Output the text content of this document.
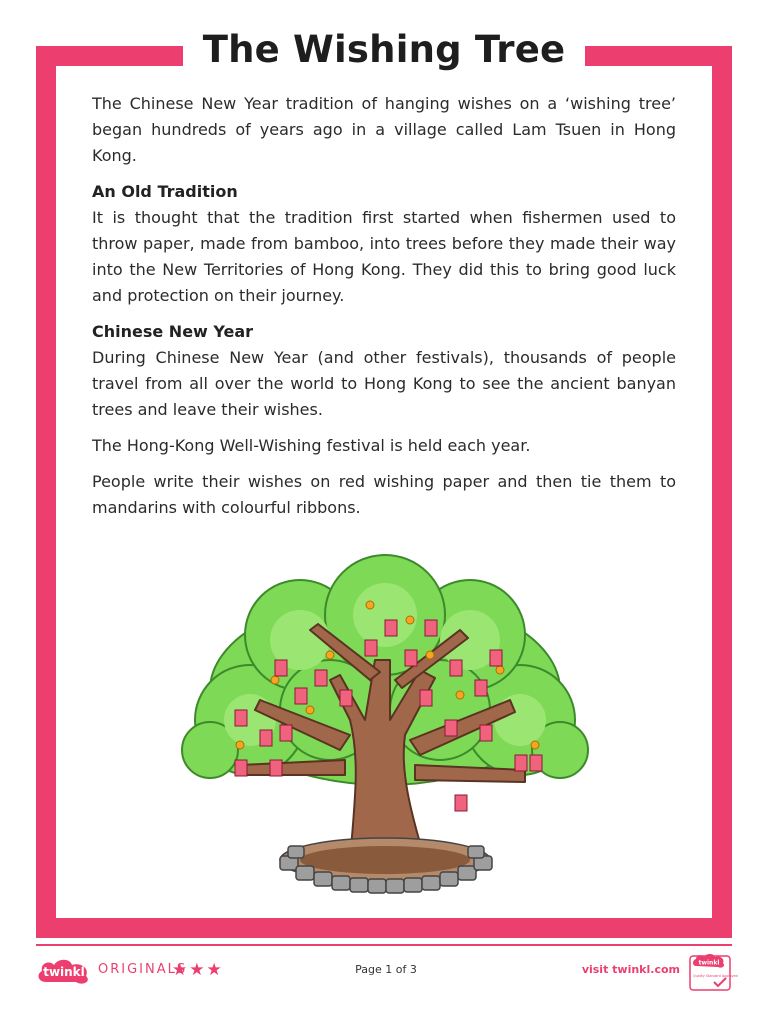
The Wishing Tree

The Chinese New Year tradition of hanging wishes on a ‘wishing tree’ began hundreds of years ago in a village called Lam Tsuen in Hong Kong.

An Old Tradition

It is thought that the tradition first started when fishermen used to throw paper, made from bamboo, into trees before they made their way into the New Territories of Hong Kong. They did this to bring good luck and protection on their journey.

Chinese New Year

During Chinese New Year (and other festivals), thousands of people travel from all over the world to Hong Kong to see the ancient banyan trees and leave their wishes.

The Hong-Kong Well-Wishing festival is held each year.

People write their wishes on red wishing paper and then tie them to mandarins with colourful ribbons.

twinkl ORIGINALS
★★★	Page 1 of 3	visit twinkl.com	twinkl
Quality Standard Approved
